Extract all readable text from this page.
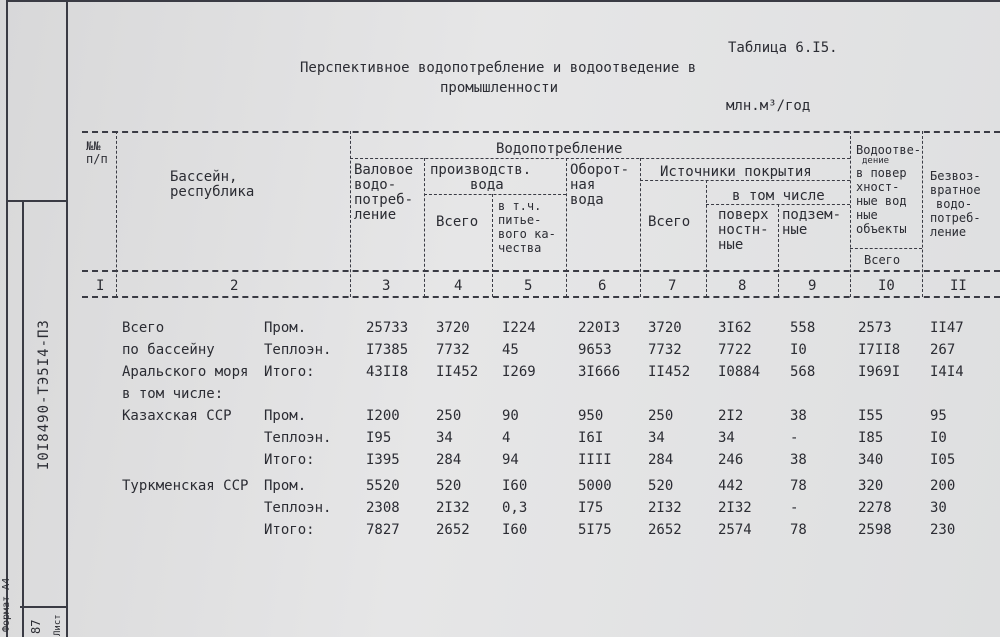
I0I8490-ТЭ5I4-ПЗ
Формат А4	Лист
87
Таблица 6.I5.
Перспективное водопотребление и водоотведение в
промышленности
млн.м³/год
№№ п/п
Бассейн,
республика
Водопотребление
Валовое
водо-
потреб-
ление
производств.
вода
Всего
в т.ч.
питье-
вого ка-
чества
Оборот-
ная
вода
Источники покрытия
Всего
в том числе
поверх
ностн-
ные
подзем-
ные
Водоотве-
дение
в повер
хност-
ные вод
ные
объекты
Всего
Безвоз-
вратное
водо-
потреб-
ление
I	2	3	4	5	6	7	8	9	I0	II
Всего	Пром.	25733 3720 I224	220I3 3720	3I62	558	2573	II47
по бассейну	Теплоэн. I7385 7732 45	9653	7732	7722	I0	I7II8 267
Аральского моря Итого:	43II8 II452 I269	3I666 II452 I0884 568	I969I I4I4
в том числе:
Казахская ССР Пром.	I200	250	90	950	250	2I2	38	I55	95
Теплоэн. I95	34	4	I6I	34	34	-	I85	I0
Итого:	I395	284	94	IIII	284	246	38	340	I05
Туркменская ССР Пром.	5520	520	I60	5000	520	442	78	320	200
Теплоэн. 2308	2I32 0,3	I75	2I32	2I32	-	2278	30
Итого:	7827	2652 I60	5I75	2652	2574	78	2598	230
